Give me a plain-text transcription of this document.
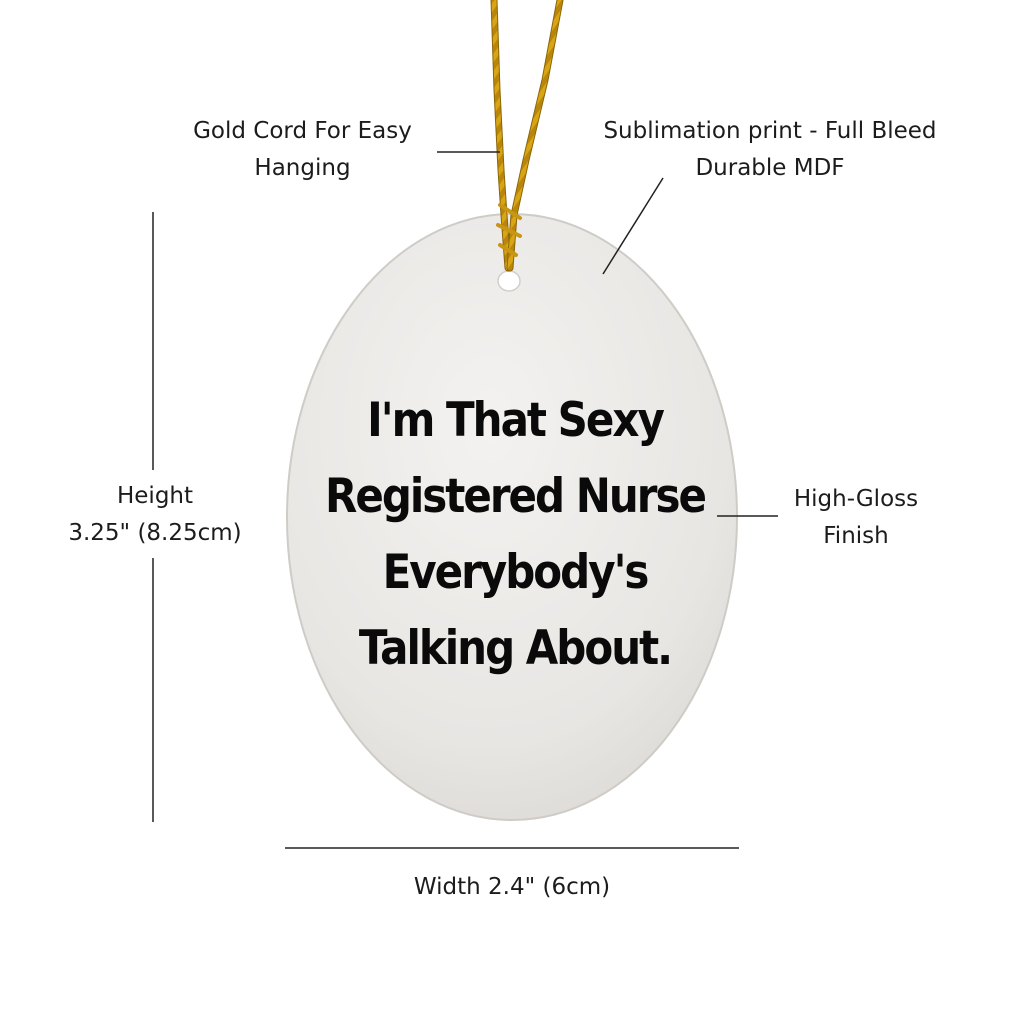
I'm That Sexy
Registered Nurse
Everybody's
Talking About.
Gold Cord For Easy
Hanging
Sublimation print - Full Bleed
Durable MDF
Height
3.25" (8.25cm)
High-Gloss
Finish
Width 2.4" (6cm)
